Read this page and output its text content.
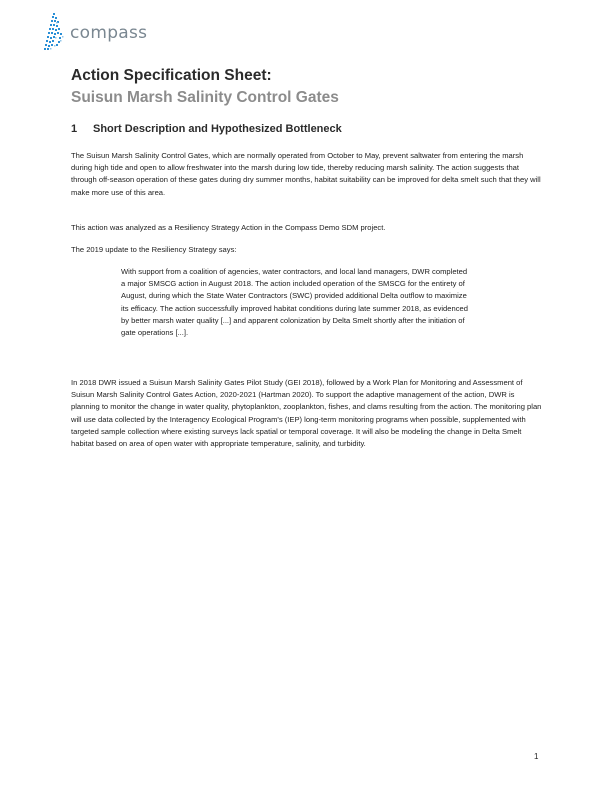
compass
Action Specification Sheet:
Suisun Marsh Salinity Control Gates
1 Short Description and Hypothesized Bottleneck

The Suisun Marsh Salinity Control Gates, which are normally operated from October to May, prevent saltwater from entering the marsh during high tide and open to allow freshwater into the marsh during low tide, thereby reducing marsh salinity. The action suggests that through off-season operation of these gates during dry summer months, habitat suitability can be improved for delta smelt such that they will make more use of this area.

This action was analyzed as a Resiliency Strategy Action in the Compass Demo SDM project.

The 2019 update to the Resiliency Strategy says:

With support from a coalition of agencies, water contractors, and local land managers, DWR completed a major SMSCG action in August 2018. The action included operation of the SMSCG for the entirety of August, during which the State Water Contractors (SWC) provided additional Delta outflow to maximize its efficacy. The action successfully improved habitat conditions during late summer 2018, as evidenced by better marsh water quality [...] and apparent colonization by Delta Smelt shortly after the initiation of gate operations [...].

In 2018 DWR issued a Suisun Marsh Salinity Gates Pilot Study (GEI 2018), followed by a Work Plan for Monitoring and Assessment of Suisun Marsh Salinity Control Gates Action, 2020-2021 (Hartman 2020). To support the adaptive management of the action, DWR is planning to monitor the change in water quality, phytoplankton, zooplankton, fishes, and clams resulting from the action. The monitoring plan will use data collected by the Interagency Ecological Program's (IEP) long-term monitoring programs when possible, supplemented with targeted sample collection where existing surveys lack spatial or temporal coverage. It will also be modeling the change in Delta Smelt habitat based on area of open water with appropriate temperature, salinity, and turbidity.

1
